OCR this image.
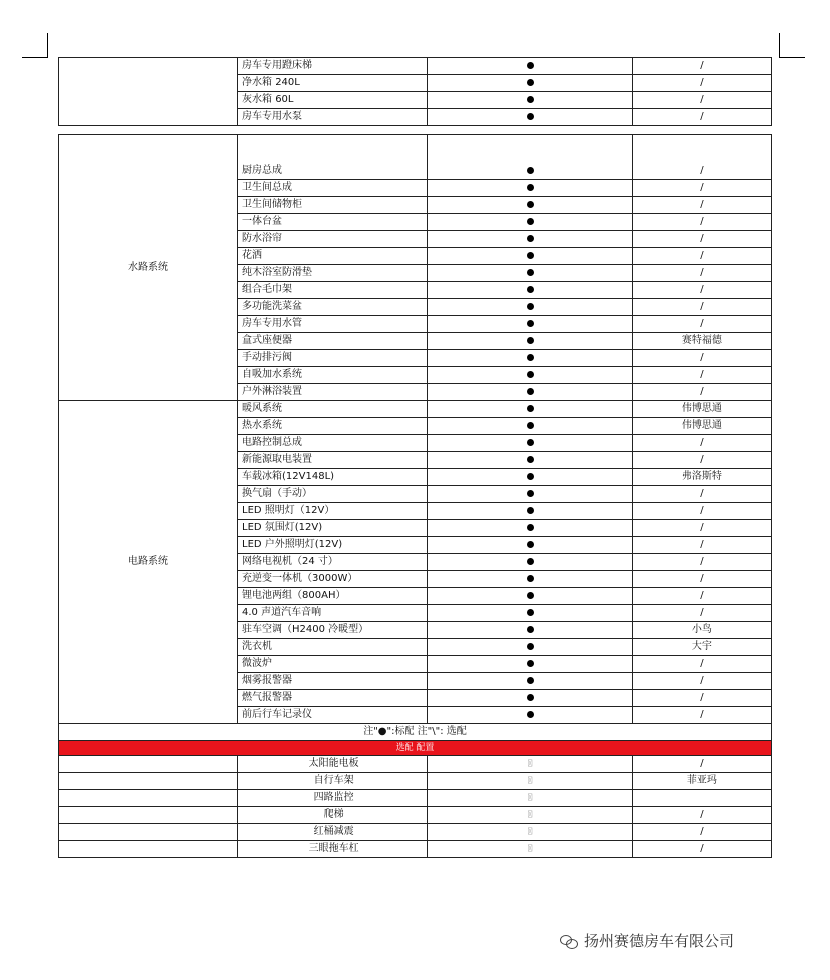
	房车专用蹬床梯		/
	净水箱 240L		/
	灰水箱 60L		/
	房车专用水泵		/

水路系统	厨房总成		/
	卫生间总成		/
	卫生间储物柜		/
	一体台盆		/
	防水浴帘		/
	花洒		/
	纯木浴室防滑垫		/
	组合毛巾架		/
	多功能洗菜盆		/
	房车专用水管		/
	盒式座便器		赛特福德
	手动排污阀		/
	自吸加水系统		/
	户外淋浴装置		/
电路系统	暖风系统		伟博思通
	热水系统		伟博思通
	电路控制总成		/
	新能源取电装置		/
	车载冰箱(12V148L)		弗洛斯特
	换气扇（手动）		/
	LED 照明灯（12V）		/
	LED 氛围灯(12V)		/
	LED 户外照明灯(12V)		/
	网络电视机（24 寸）		/
	充逆变一体机（3000W）		/
	锂电池两组（800AH）		/
	4.0 声道汽车音响		/
	驻车空调（H2400 冷暖型）		小鸟
	洗衣机		大宇
	微波炉		/
	烟雾报警器		/
	燃气报警器		/
	前后行车记录仪		/
注"●":标配 注"\": 选配			
选配 配置			
	太阳能电板	〿	/
	自行车架	〿	菲亚玛
	四路监控	〿	
	爬梯	〿	/
	红桶减震	〿	/
	三眼拖车杠	〿	/
扬州赛德房车有限公司
